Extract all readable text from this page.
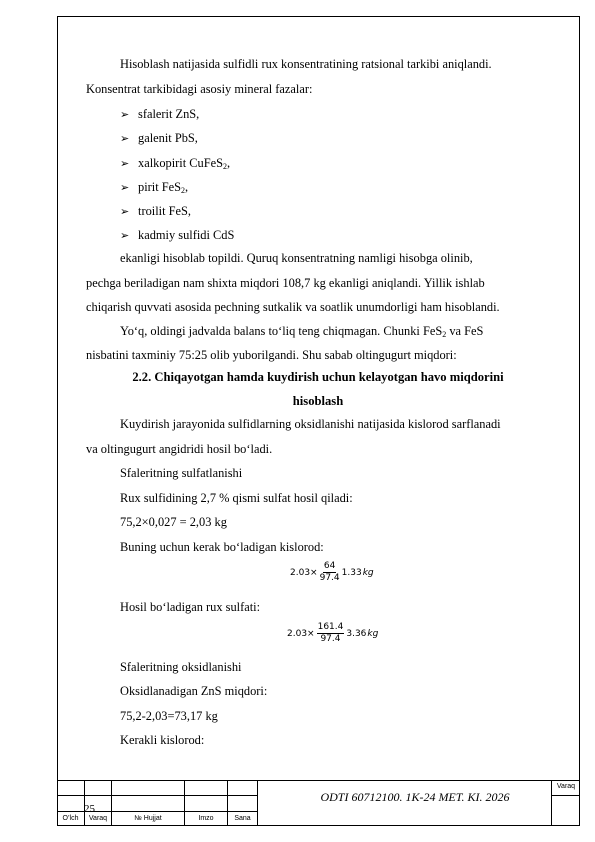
Hisoblash natijasida sulfidli rux konsentratining ratsional tarkibi aniqlandi.
Konsentrat tarkibidagi asosiy mineral fazalar:
➢ sfalerit ZnS,
➢ galenit PbS,
➢ xalkopirit CuFeS$_2$,
➢ pirit FeS$_2$,
➢ troilit FeS,
➢ kadmiy sulfidi CdS
ekanligi hisoblab topildi. Quruq konsentratning namligi hisobga olinib,
pechga beriladigan nam shixta miqdori 108,7 kg ekanligi aniqlandi. Yillik ishlab
chiqarish quvvati asosida pechning sutkalik va soatlik unumdorligi ham hisoblandi.
Yo‘q, oldingi jadvalda balans to‘liq teng chiqmagan. Chunki FeS$_2$ va FeS
nisbatini taxminiy 75:25 olib yuborilgandi. Shu sabab oltingugurt miqdori:
2.2. Chiqayotgan hamda kuydirish uchun kelayotgan havo miqdorini
hisoblash
Kuydirish jarayonida sulfidlarning oksidlanishi natijasida kislorod sarflanadi
va oltingugurt angidridi hosil bo‘ladi.
Sfaleritning sulfatlanishi
Rux sulfidining 2,7 % qismi sulfat hosil qiladi:
75,2×0,027 = 2,03 kg
Buning uchun kerak bo‘ladigan kislorod:
$2.03 \times \frac{64}{97.4} 1.33$ kg
Hosil bo‘ladigan rux sulfati:
$2.03 \times \frac{161.4}{97.4} 3.36$ kg
Sfaleritning oksidlanishi
Oksidlanadigan ZnS miqdori:
75,2-2,03=73,17 kg
Kerakli kislorod:
25
ODTI 60712100. 1K-24 MET. KI. 2026
O’lch	Varaq	№ Hujjat	Imzo	Sana
Varaq
